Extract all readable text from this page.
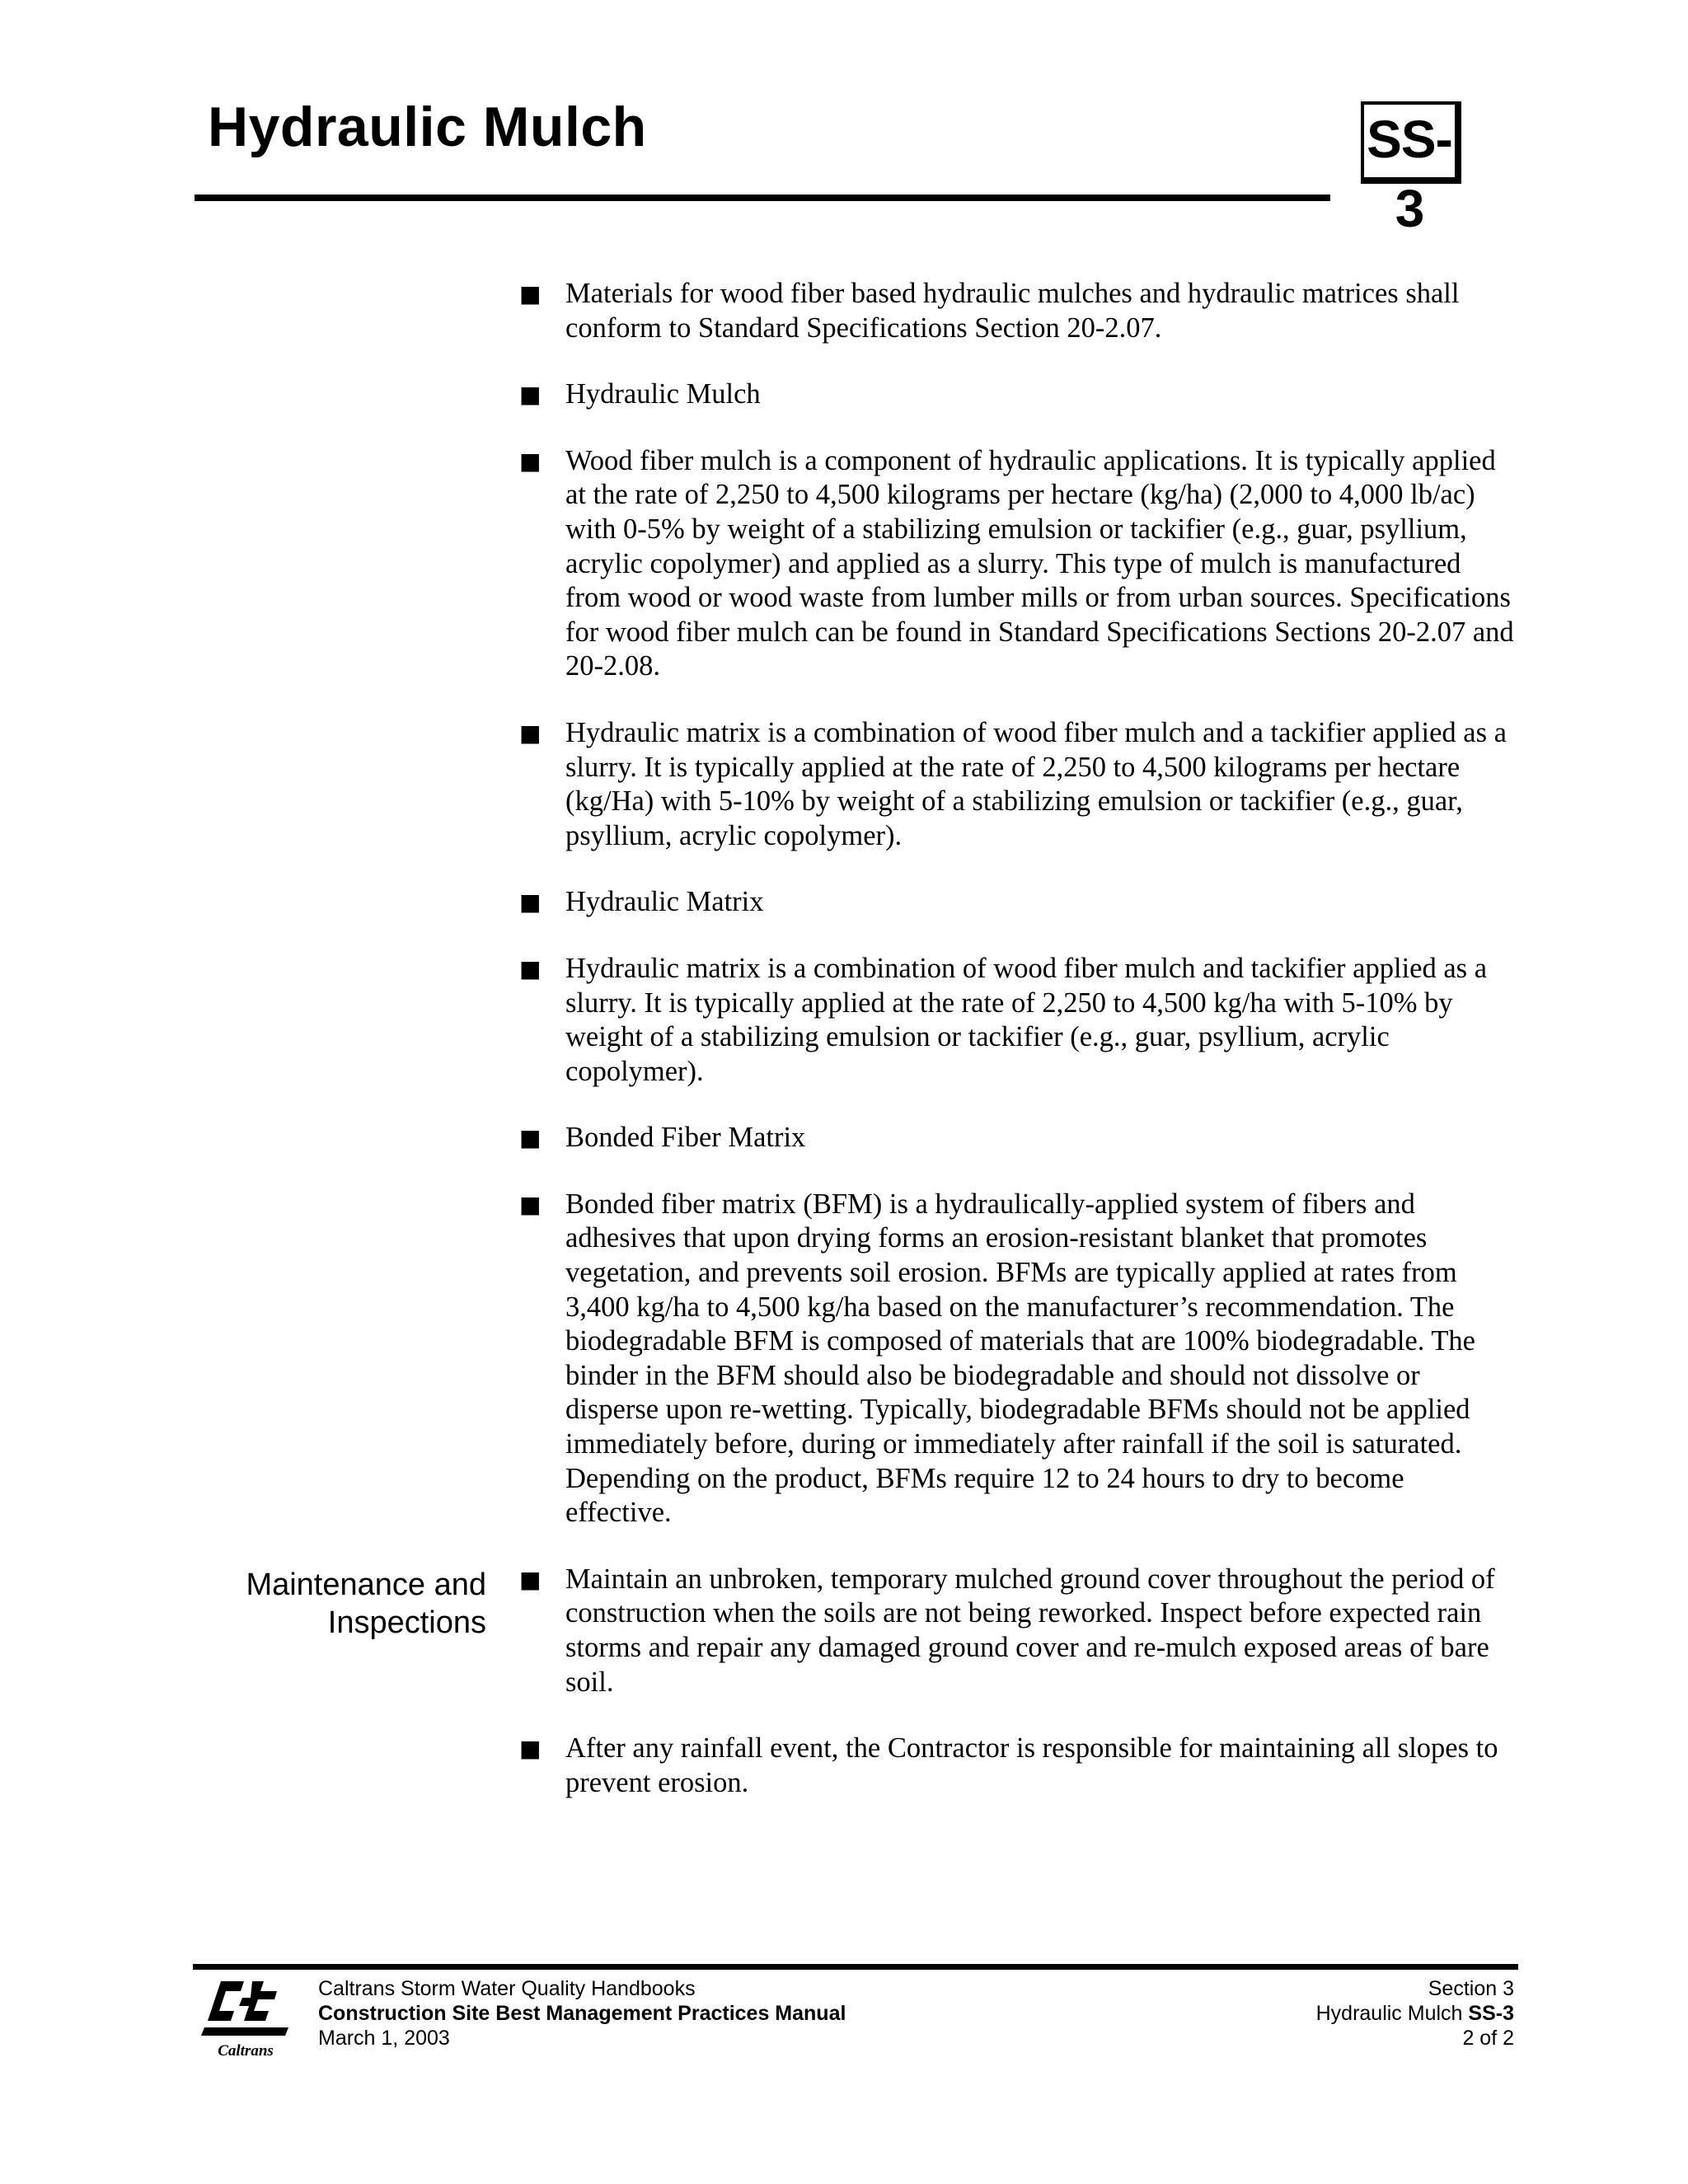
Hydraulic Mulch	SS-3
Maintenance and Inspections
■ Materials for wood fiber based hydraulic mulches and hydraulic matrices shall conform to Standard Specifications Section 20-2.07.
■ Hydraulic Mulch
■ Wood fiber mulch is a component of hydraulic applications. It is typically applied at the rate of 2,250 to 4,500 kilograms per hectare (kg/ha) (2,000 to 4,000 lb/ac) with 0-5% by weight of a stabilizing emulsion or tackifier (e.g., guar, psyllium, acrylic copolymer) and applied as a slurry. This type of mulch is manufactured from wood or wood waste from lumber mills or from urban sources. Specifications for wood fiber mulch can be found in Standard Specifications Sections 20-2.07 and 20-2.08.
■ Hydraulic matrix is a combination of wood fiber mulch and a tackifier applied as a slurry. It is typically applied at the rate of 2,250 to 4,500 kilograms per hectare (kg/Ha) with 5-10% by weight of a stabilizing emulsion or tackifier (e.g., guar, psyllium, acrylic copolymer).
■ Hydraulic Matrix
■ Hydraulic matrix is a combination of wood fiber mulch and tackifier applied as a slurry. It is typically applied at the rate of 2,250 to 4,500 kg/ha with 5-10% by weight of a stabilizing emulsion or tackifier (e.g., guar, psyllium, acrylic copolymer).
■ Bonded Fiber Matrix
■ Bonded fiber matrix (BFM) is a hydraulically-applied system of fibers and adhesives that upon drying forms an erosion-resistant blanket that promotes vegetation, and prevents soil erosion. BFMs are typically applied at rates from 3,400 kg/ha to 4,500 kg/ha based on the manufacturer’s recommendation. The biodegradable BFM is composed of materials that are 100% biodegradable. The binder in the BFM should also be biodegradable and should not dissolve or disperse upon re-wetting. Typically, biodegradable BFMs should not be applied immediately before, during or immediately after rainfall if the soil is saturated. Depending on the product, BFMs require 12 to 24 hours to dry to become effective.
■ Maintain an unbroken, temporary mulched ground cover throughout the period of construction when the soils are not being reworked. Inspect before expected rain storms and repair any damaged ground cover and re-mulch exposed areas of bare soil.
■ After any rainfall event, the Contractor is responsible for maintaining all slopes to prevent erosion.
Caltrans
Caltrans Storm Water Quality Handbooks
Construction Site Best Management Practices Manual
March 1, 2003
Section 3
Hydraulic Mulch SS-3
2 of 2
